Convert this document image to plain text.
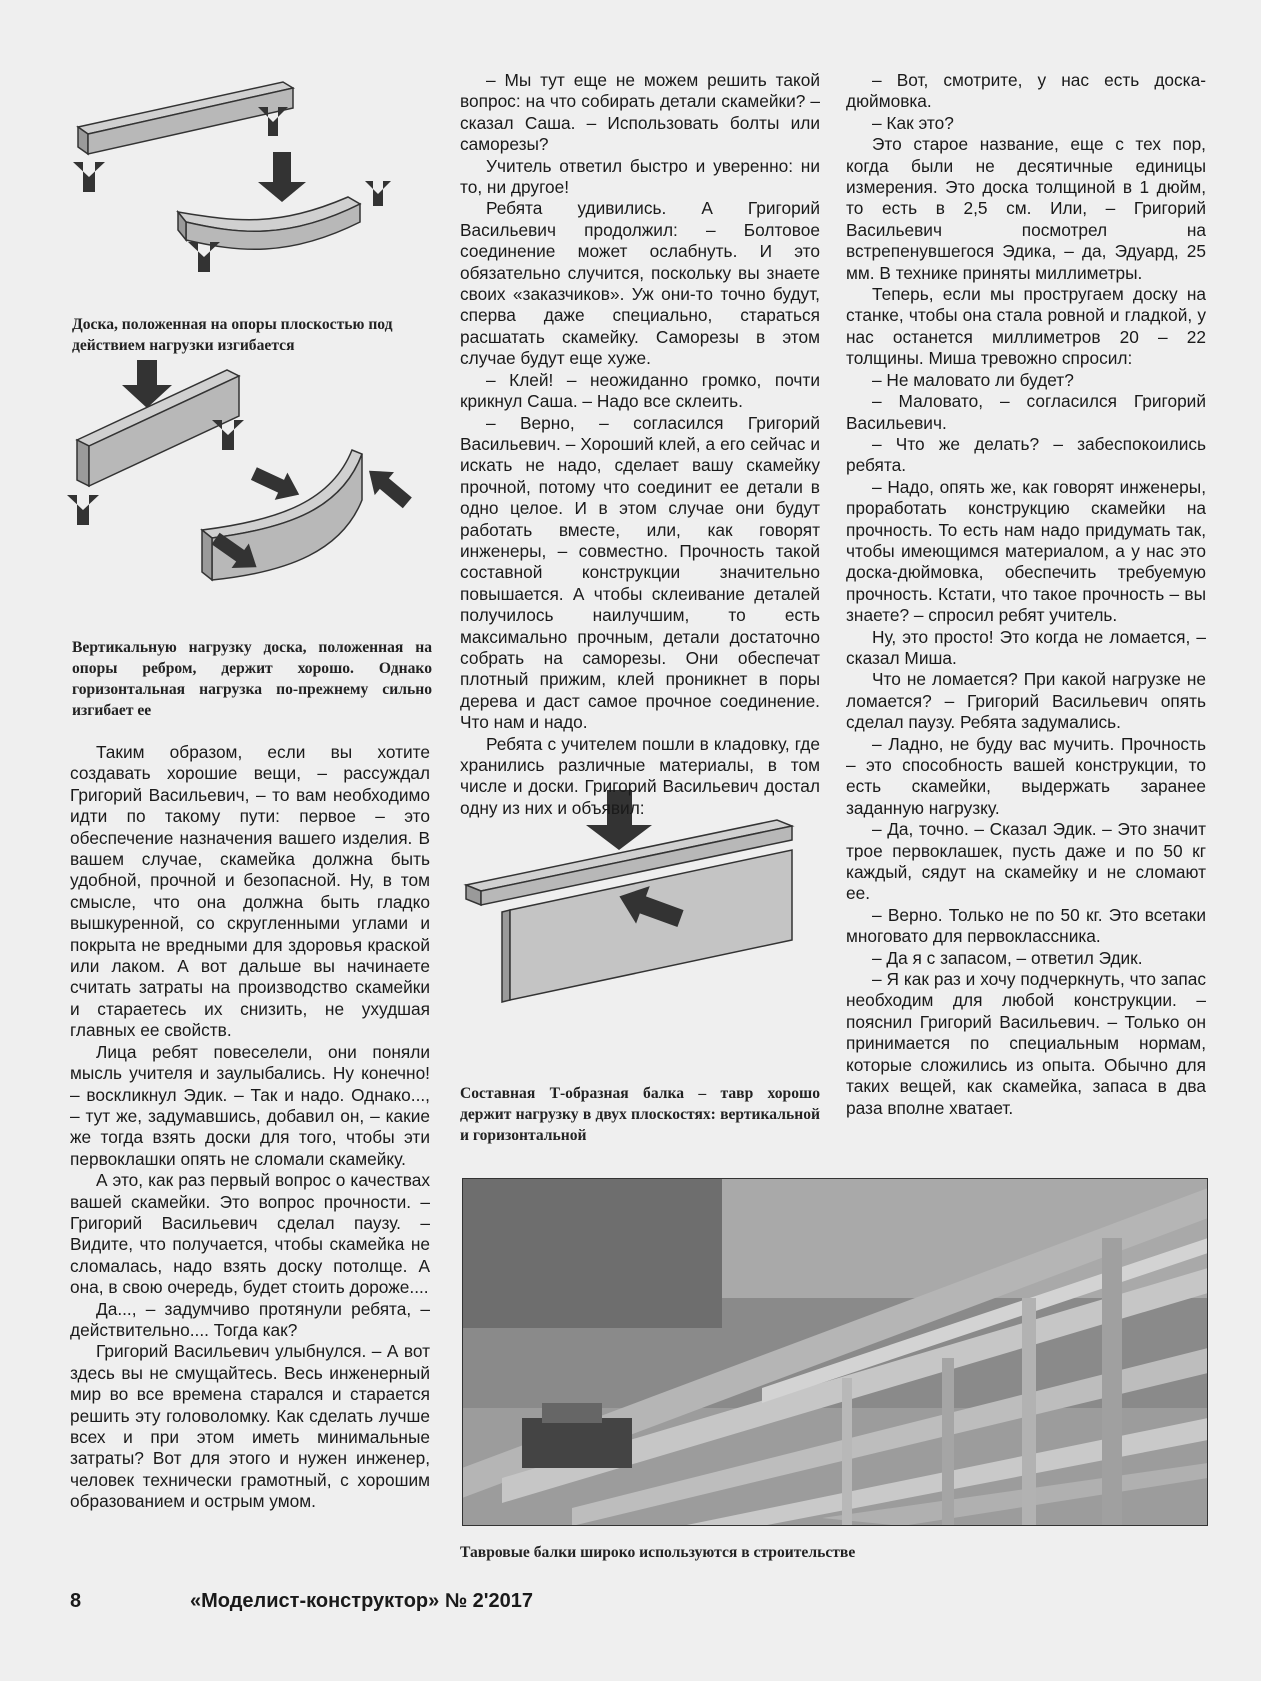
Доска, положенная на опоры плоскостью под действием нагрузки изгибается
Вертикальную нагрузку доска, положенная на опоры ребром, держит хорошо. Однако горизонтальная нагрузка по-прежнему сильно изгибает ее
Составная Т-образная балка – тавр хорошо держит нагрузку в двух плоскостях: вертикальной и горизонтальной

Таким образом, если вы хотите создавать хорошие вещи, – рассуждал Григорий Васильевич, – то вам необходимо идти по такому пути: первое – это обеспечение назначения вашего изделия. В вашем случае, скамейка должна быть удобной, прочной и безопасной. Ну, в том смысле, что она должна быть гладко вышкуренной, со скругленными углами и покрыта не вредными для здоровья краской или лаком. А вот дальше вы начинаете считать затраты на производство скамейки и стараетесь их снизить, не ухудшая главных ее свойств.

Лица ребят повеселели, они поняли мысль учителя и заулыбались. Ну конечно! – воскликнул Эдик. – Так и надо. Однако..., – тут же, задумавшись, добавил он, – какие же тогда взять доски для того, чтобы эти первоклашки опять не сломали скамейку.

А это, как раз первый вопрос о качествах вашей скамейки. Это вопрос прочности. – Григорий Васильевич сделал паузу. – Видите, что получается, чтобы скамейка не сломалась, надо взять доску потолще. А она, в свою очередь, будет стоить дороже....

Да..., – задумчиво протянули ребята, – действительно.... Тогда как?

Григорий Васильевич улыбнулся. – А вот здесь вы не смущайтесь. Весь инженерный мир во все времена старался и старается решить эту головоломку. Как сделать лучше всех и при этом иметь минимальные затраты? Вот для этого и нужен инженер, человек технически грамотный, с хорошим образованием и острым умом.

– Мы тут еще не можем решить такой вопрос: на что собирать детали скамейки? – сказал Саша. – Использовать болты или саморезы?

Учитель ответил быстро и уверенно: ни то, ни другое!

Ребята удивились. А Григорий Васильевич продолжил: – Болтовое соединение может ослабнуть. И это обязательно случится, поскольку вы знаете своих «заказчиков». Уж они-то точно будут, сперва даже специально, стараться расшатать скамейку. Саморезы в этом случае будут еще хуже.

– Клей! – неожиданно громко, почти крикнул Саша. – Надо все склеить.

– Верно, – согласился Григорий Васильевич. – Хороший клей, а его сейчас и искать не надо, сделает вашу скамейку прочной, потому что соединит ее детали в одно целое. И в этом случае они будут работать вместе, или, как говорят инженеры, – совместно. Прочность такой составной конструкции значительно повышается. А чтобы склеивание деталей получилось наилучшим, то есть максимально прочным, детали достаточно собрать на саморезы. Они обеспечат плотный прижим, клей проникнет в поры дерева и даст самое прочное соединение. Что нам и надо.

Ребята с учителем пошли в кладовку, где хранились различные материалы, в том числе и доски. Григорий Васильевич достал одну из них и объявил:

– Вот, смотрите, у нас есть доска-дюймовка.

– Как это?

Это старое название, еще с тех пор, когда были не десятичные единицы измерения. Это доска толщиной в 1 дюйм, то есть в 2,5 см. Или, – Григорий Васильевич посмотрел на встрепенувшегося Эдика, – да, Эдуард, 25 мм. В технике приняты миллиметры.

Теперь, если мы простругаем доску на станке, чтобы она стала ровной и гладкой, у нас останется миллиметров 20 – 22 толщины. Миша тревожно спросил:

– Не маловато ли будет?

– Маловато, – согласился Григорий Васильевич.

– Что же делать? – забеспокоились ребята.

– Надо, опять же, как говорят инженеры, проработать конструкцию скамейки на прочность. То есть нам надо придумать так, чтобы имеющимся материалом, а у нас это доска-дюймовка, обеспечить требуемую прочность. Кстати, что такое прочность – вы знаете? – спросил ребят учитель.

Ну, это просто! Это когда не ломается, – сказал Миша.

Что не ломается? При какой нагрузке не ломается? – Григорий Васильевич опять сделал паузу. Ребята задумались.

– Ладно, не буду вас мучить. Прочность – это способность вашей конструкции, то есть скамейки, выдержать заранее заданную нагрузку.

– Да, точно. – Сказал Эдик. – Это значит трое первоклашек, пусть даже и по 50 кг каждый, сядут на скамейку и не сломают ее.

– Верно. Только не по 50 кг. Это всетаки многовато для первоклассника.

– Да я с запасом, – ответил Эдик.

– Я как раз и хочу подчеркнуть, что запас необходим для любой конструкции. – пояснил Григорий Васильевич. – Только он принимается по специальным нормам, которые сложились из опыта. Обычно для таких вещей, как скамейка, запаса в два раза вполне хватает.

Тавровые балки широко используются в строительстве
8	«Моделист-конструктор» № 2'2017
